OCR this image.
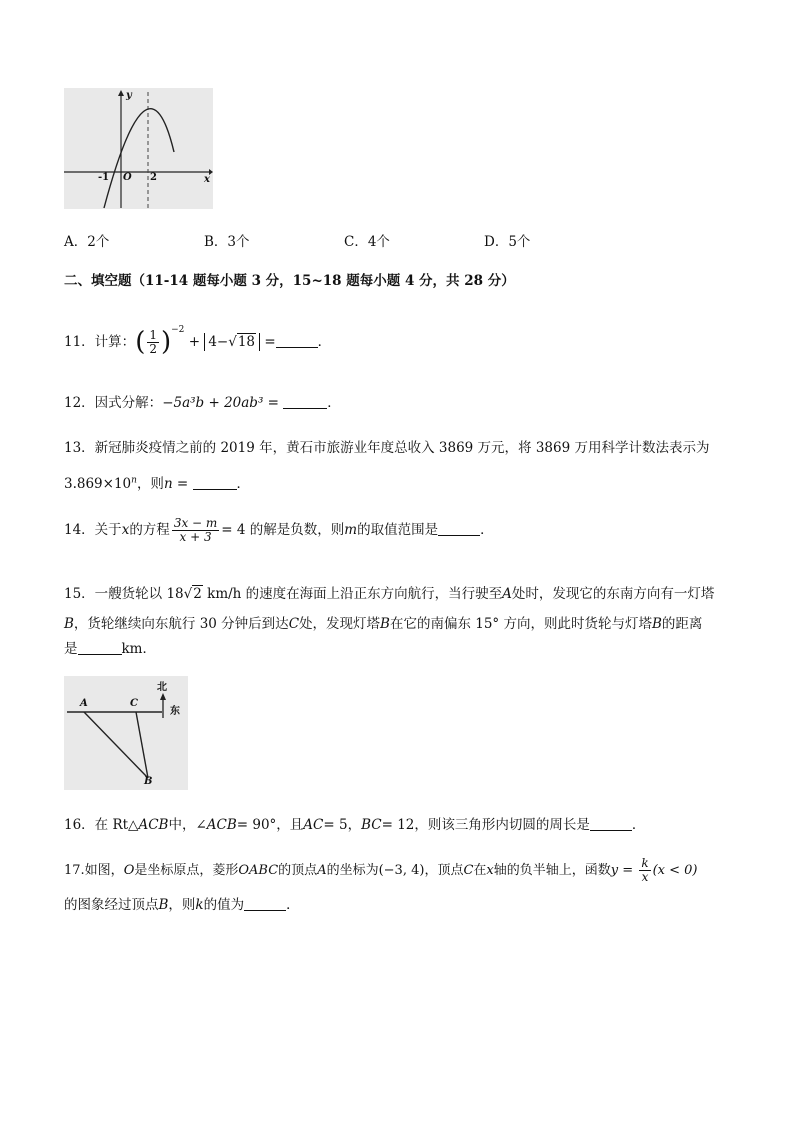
y
x
-1 O 2
A．2个	B．3个	C．4个	D．5个
二、填空题（11-14 题每小题 3 分，15~18 题每小题 4 分，共 28 分）
11．计算：( $\frac{1}{2} )^{-2} + 4-√18$ =	．
12．因式分解：−5a³b + 20ab³ =	．
13．新冠肺炎疫情之前的 2019 年，黄石市旅游业年度总收入 3869 万元，将 3869 万用科学计数法表示为
$3.869\times 10^n$，则n =	．
14．关于x的方程 $\frac{3x - m}{x + 3} = 4$ 的解是负数，则m的取值范围是	．
15．一艘货轮以 18√2 km/h 的速度在海面上沿正东方向航行，当行驶至A处时，发现它的东南方向有一灯塔
B，货轮继续向东航行 30 分钟后到达C处，发现灯塔B在它的南偏东 15° 方向，则此时货轮与灯塔B的距离
是	km．
北
东
A	C
B
16．在 Rt△ACB中，∠ACB= 90°，且AC= 5，BC= 12，则该三角形内切圆的周长是	．
17.如图，O是坐标原点，菱形OABC的顶点A的坐标为(−3, 4)，顶点C在x轴的负半轴上，函数$y = \frac{k}{x} (x < 0)$
的图象经过顶点B，则k的值为	．
